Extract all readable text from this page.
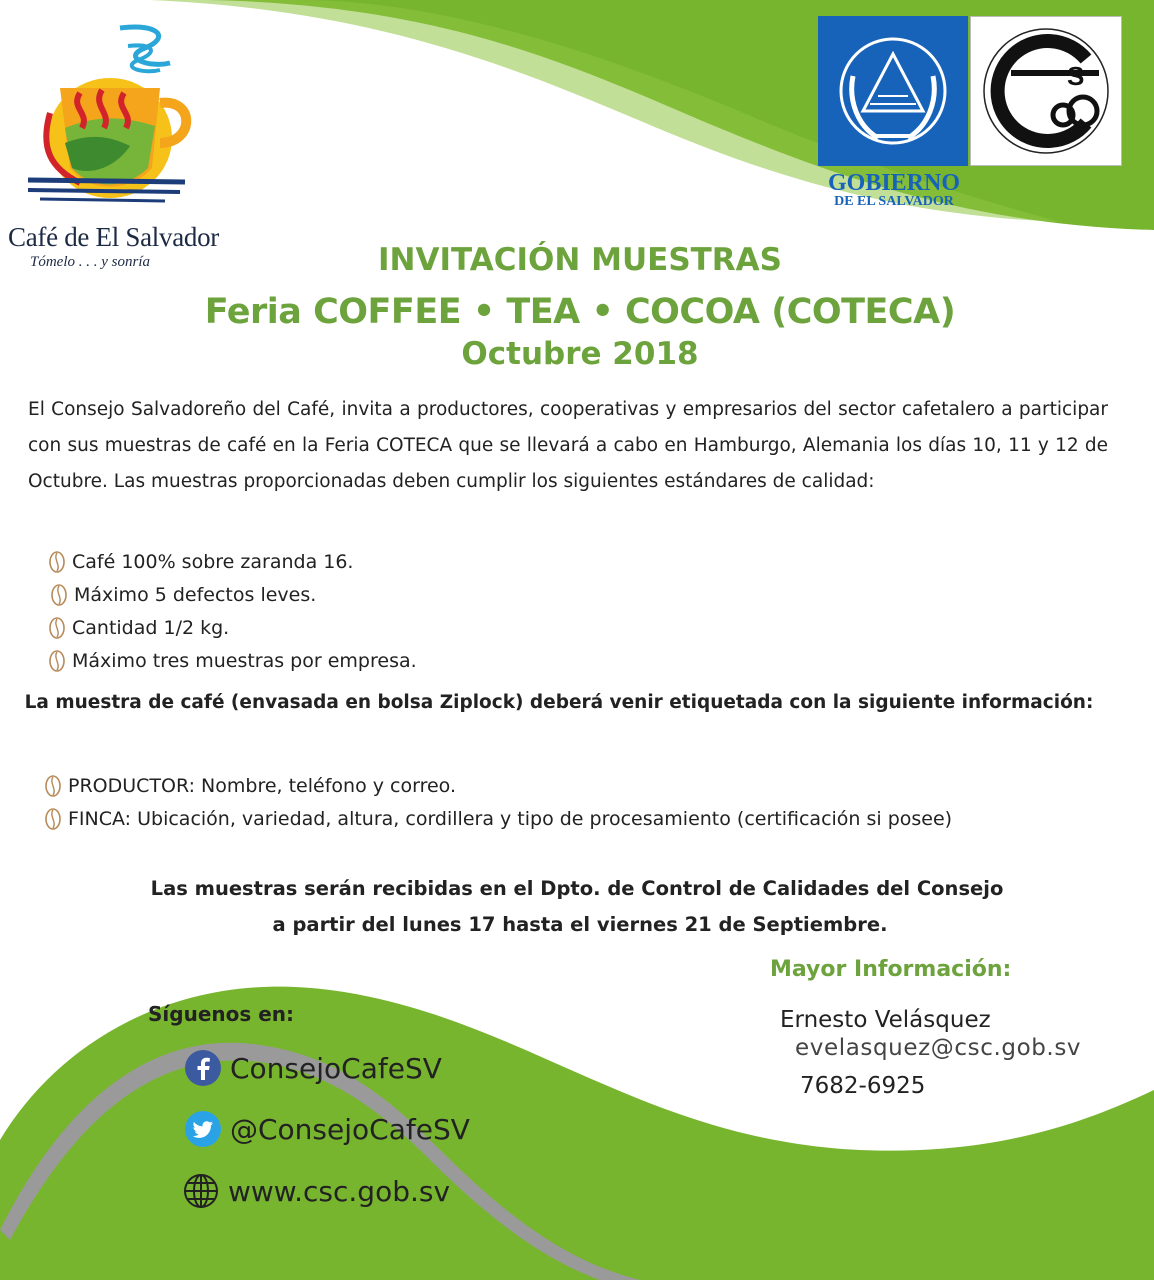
Café de El Salvador
Tómelo . . . y sonría
S
GOBIERNO
DE EL SALVADOR
INVITACIÓN MUESTRAS
Feria COFFEE • TEA • COCOA (COTECA)
Octubre 2018
El Consejo Salvadoreño del Café, invita a productores, cooperativas y empresarios del sector cafetalero a participar con sus muestras de café en la Feria COTECA que se llevará a cabo en Hamburgo, Alemania los días 10, 11 y 12 de Octubre. Las muestras proporcionadas deben cumplir los siguientes estándares de calidad:
Café 100% sobre zaranda 16.
Máximo 5 defectos leves.
Cantidad 1/2 kg.
Máximo tres muestras por empresa.
La muestra de café (envasada en bolsa Ziplock) deberá venir etiquetada con la siguiente información:
PRODUCTOR: Nombre, teléfono y correo.
FINCA: Ubicación, variedad, altura, cordillera y tipo de procesamiento (certificación si posee)
Las muestras serán recibidas en el Dpto. de Control de Calidades del Consejo
a partir del lunes 17 hasta el viernes 21 de Septiembre.
Mayor Información:
Ernesto Velásquez
evelasquez@csc.gob.sv
7682-6925
Síguenos en:
ConsejoCafeSV
@ConsejoCafeSV
www.csc.gob.sv
